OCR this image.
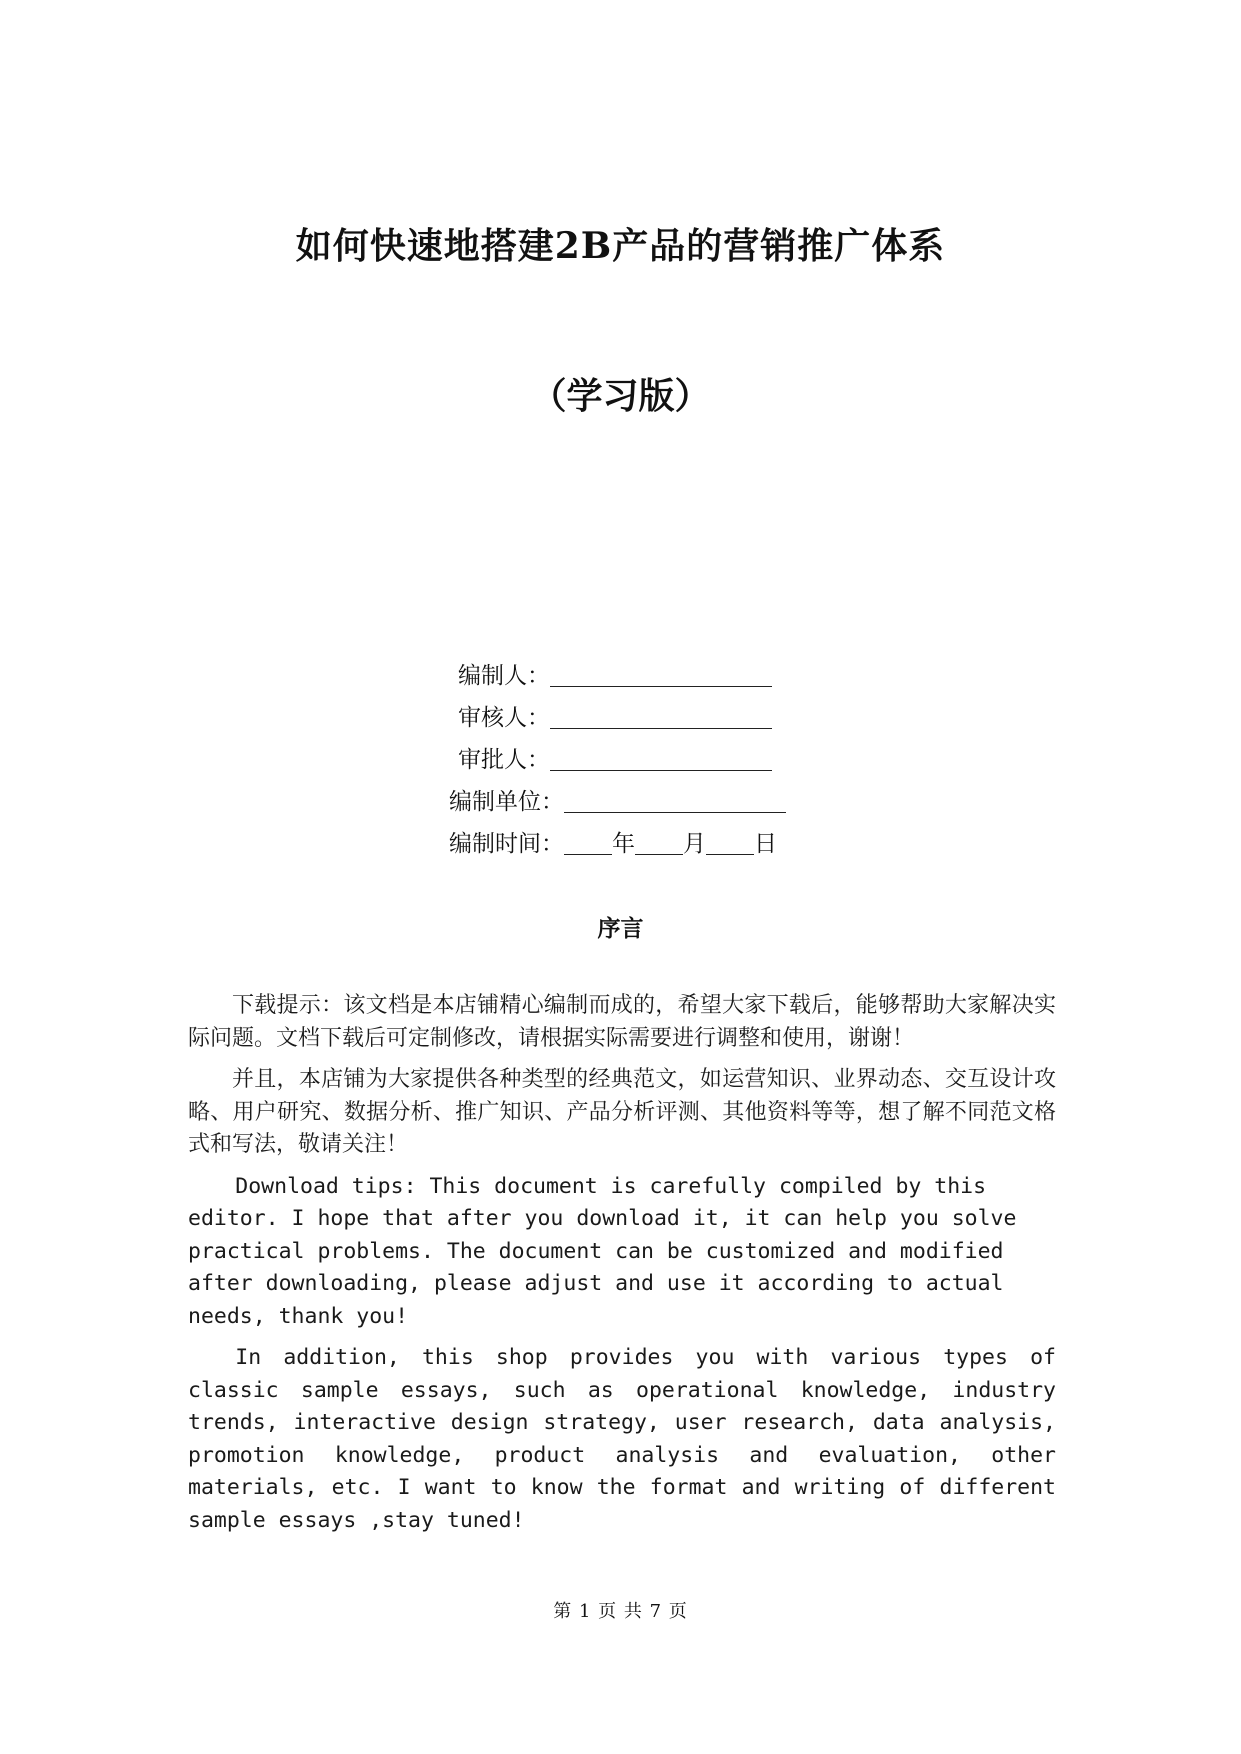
如何快速地搭建2B产品的营销推广体系
（学习版）
编制人：
审核人：
审批人：
编制单位：
编制时间： 年 月 日
序言

下载提示：该文档是本店铺精心编制而成的，希望大家下载后，能够帮助大家解决实际问题。文档下载后可定制修改，请根据实际需要进行调整和使用，谢谢！

并且，本店铺为大家提供各种类型的经典范文，如运营知识、业界动态、交互设计攻略、用户研究、数据分析、推广知识、产品分析评测、其他资料等等，想了解不同范文格式和写法，敬请关注！

Download tips: This document is carefully compiled by this editor. I hope that after you download it, it can help you solve practical problems. The document can be customized and modified after downloading, please adjust and use it according to actual needs, thank you!

In addition, this shop provides you with various types of classic sample essays, such as operational knowledge, industry trends, interactive design strategy, user research, data analysis, promotion knowledge, product analysis and evaluation, other materials, etc. I want to know the format and writing of different sample essays ,stay tuned!

第 1 页 共 7 页
